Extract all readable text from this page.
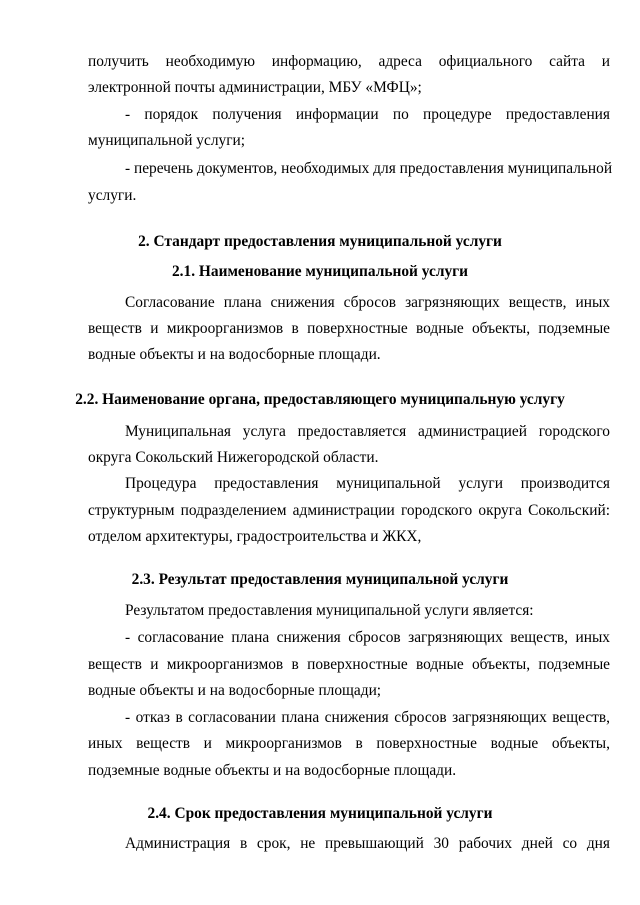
получить необходимую информацию, адреса официального сайта и
электронной почты администрации, МБУ «МФЦ»;
- порядок получения информации по процедуре предоставления
муниципальной услуги;
- перечень документов, необходимых для предоставления муниципальной
услуги.
2. Стандарт предоставления муниципальной услуги
2.1. Наименование муниципальной услуги
Согласование плана снижения сбросов загрязняющих веществ, иных
веществ и микроорганизмов в поверхностные водные объекты, подземные
водные объекты и на водосборные площади.
2.2. Наименование органа, предоставляющего муниципальную услугу
Муниципальная услуга предоставляется администрацией городского
округа Сокольский Нижегородской области.
Процедура предоставления муниципальной услуги производится
структурным подразделением администрации городского округа Сокольский:
отделом архитектуры, градостроительства и ЖКХ,
2.3. Результат предоставления муниципальной услуги
Результатом предоставления муниципальной услуги является:
- согласование плана снижения сбросов загрязняющих веществ, иных
веществ и микроорганизмов в поверхностные водные объекты, подземные
водные объекты и на водосборные площади;
- отказ в согласовании плана снижения сбросов загрязняющих веществ,
иных веществ и микроорганизмов в поверхностные водные объекты,
подземные водные объекты и на водосборные площади.
2.4. Срок предоставления муниципальной услуги
Администрация в срок, не превышающий 30 рабочих дней со дня
